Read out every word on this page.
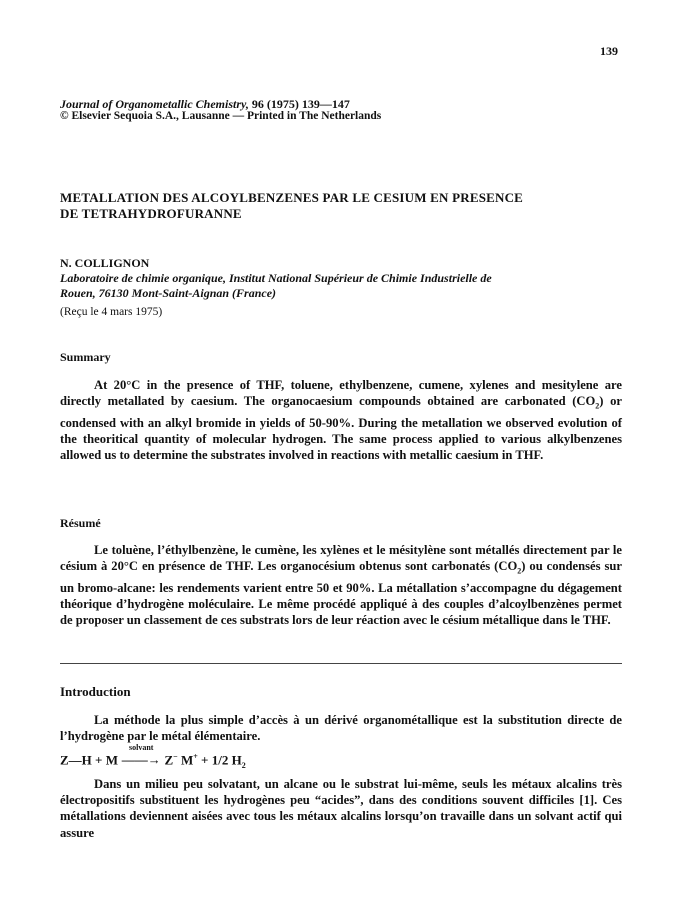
139
Journal of Organometallic Chemistry, 96 (1975) 139—147
© Elsevier Sequoia S.A., Lausanne — Printed in The Netherlands
METALLATION DES ALCOYLBENZENES PAR LE CESIUM EN PRESENCE
DE TETRAHYDROFURANNE
N. COLLIGNON
Laboratoire de chimie organique, Institut National Supérieur de Chimie Industrielle de
Rouen, 76130 Mont-Saint-Aignan (France)
(Reçu le 4 mars 1975)
Summary
At 20°C in the presence of THF, toluene, ethylbenzene, cumene, xylenes and mesitylene are directly metallated by caesium. The organocaesium compounds obtained are carbonated $(CO_2)$ or condensed with an alkyl bromide in yields of 50-90%. During the metallation we observed evolution of the theoritical quantity of molecular hydrogen. The same process applied to various alkylbenzenes allowed us to determine the substrates involved in reactions with metallic caesium in THF.
Résumé
Le toluène, l’éthylbenzène, le cumène, les xylènes et le mésitylène sont métallés directement par le césium à 20°C en présence de THF. Les organocésium obtenus sont carbonatés $(CO_2)$ ou condensés sur un bromo-alcane: les rendements varient entre 50 et 90%. La métallation s’accompagne du dégagement théorique d’hydrogène moléculaire. Le même procédé appliqué à des couples d’alcoylbenzènes permet de proposer un classement de ces substrats lors de leur réaction avec le césium métallique dans le THF.
Introduction
La méthode la plus simple d’accès à un dérivé organométallique est la substitution directe de l’hydrogène par le métal élémentaire.
Z—H + M
solvant
——→ Z− M+ + 1/2 $H_2$
Dans un milieu peu solvatant, un alcane ou le substrat lui-même, seuls les métaux alcalins très électropositifs substituent les hydrogènes peu “acides”, dans des conditions souvent difficiles [1]. Ces métallations deviennent aisées avec tous les métaux alcalins lorsqu’on travaille dans un solvant actif qui assure
